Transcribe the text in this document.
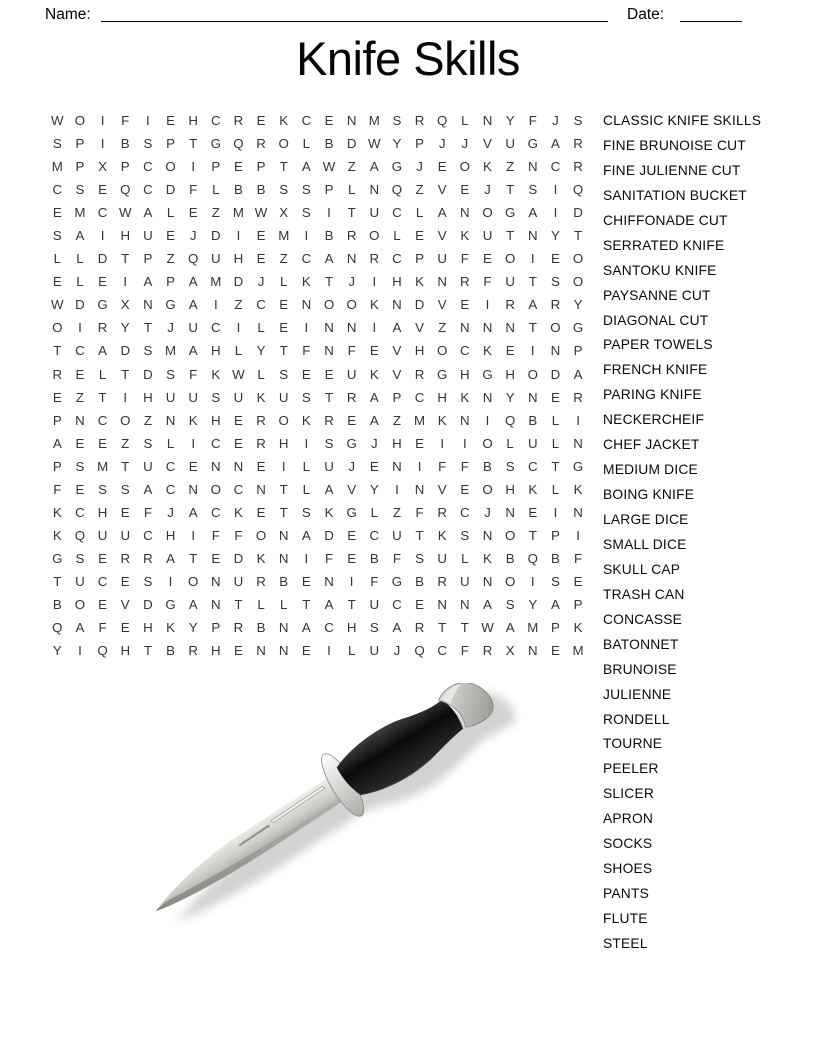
Name:	Date:
Knife Skills
W O	I	F	I	E	H C R	E	K	C	E	N M S	R Q	L	N	Y	F	J	S
S	P	I	B	S	P	T	G Q R O	L	B	D W Y	P	J	J	V	U G A	R
M P	X	P	C O	I	P	E	P	T	A W Z	A G	J	E O K	Z	N C R
C	S	E Q C D	F	L	B	B	S	S	P	L	N Q	Z	V	E	J	T	S	I	Q
E M C W A	L	E	Z M W X	S	I	T	U C	L	A	N O G A	I	D
S	A	I	H U	E	J	D	I	E M	I	B	R O	L	E	V	K	U	T	N	Y	T
L	L	D	T	P	Z	Q U H	E	Z	C	A	N R C	P	U	F	E O	I	E O
E	L	E	I	A	P	A M D	J	L	K	T	J	I	H	K	N R	F	U	T	S O
W D G X	N G A	I	Z	C	E	N O O K	N D	V	E	I	R	A	R	Y
O	I	R	Y	T	J	U C	I	L	E	I	N N	I	A	V	Z	N N N	T	O G
T	C	A	D	S M A	H	L	Y	T	F	N	F	E	V	H O C	K	E	I	N	P
R	E	L	T	D	S	F	K W L	S	E	E	U	K	V	R G H G H O D	A
E	Z	T	I	H U U	S	U	K	U	S	T	R	A	P	C H	K	N	Y	N	E	R
P	N C O	Z	N	K	H	E	R O K	R	E	A	Z M K	N	I	Q B	L	I
A	E	E	Z	S	L	I	C	E	R H	I	S G	J	H	E	I	I	O	L	U	L	N
P	S M T	U C	E	N N	E	I	L	U	J	E	N	I	F	F	B	S	C	T	G
F	E	S	S	A	C N O C N	T	L	A	V	Y	I	N	V	E O H	K	L	K
K	C H	E	F	J	A	C	K	E	T	S	K G	L	Z	F	R C	J	N	E	I	N
K Q U U C H	I	F	F	O N	A	D	E	C U	T	K	S	N O	T	P	I
G S	E	R R	A	T	E	D	K	N	I	F	E	B	F	S	U	L	K	B Q B	F
T	U C	E	S	I	O N U R	B	E	N	I	F	G B	R U N O	I	S	E
B O E	V	D G A	N	T	L	L	T	A	T	U C	E	N N	A	S	Y	A	P
Q A	F	E	H	K	Y	P	R	B	N	A	C H	S	A	R	T	T W A M P	K
Y	I	Q H	T	B	R H	E	N N	E	I	L	U	J	Q C	F	R	X	N	E M
CLASSIC KNIFE SKILLS
FINE BRUNOISE CUT
FINE JULIENNE CUT
SANITATION BUCKET
CHIFFONADE CUT
SERRATED KNIFE
SANTOKU KNIFE
PAYSANNE CUT
DIAGONAL CUT
PAPER TOWELS
FRENCH KNIFE
PARING KNIFE
NECKERCHEIF
CHEF JACKET
MEDIUM DICE
BOING KNIFE
LARGE DICE
SMALL DICE
SKULL CAP
TRASH CAN
CONCASSE
BATONNET
BRUNOISE
JULIENNE
RONDELL
TOURNE
PEELER
SLICER
APRON
SOCKS
SHOES
PANTS
FLUTE
STEEL
